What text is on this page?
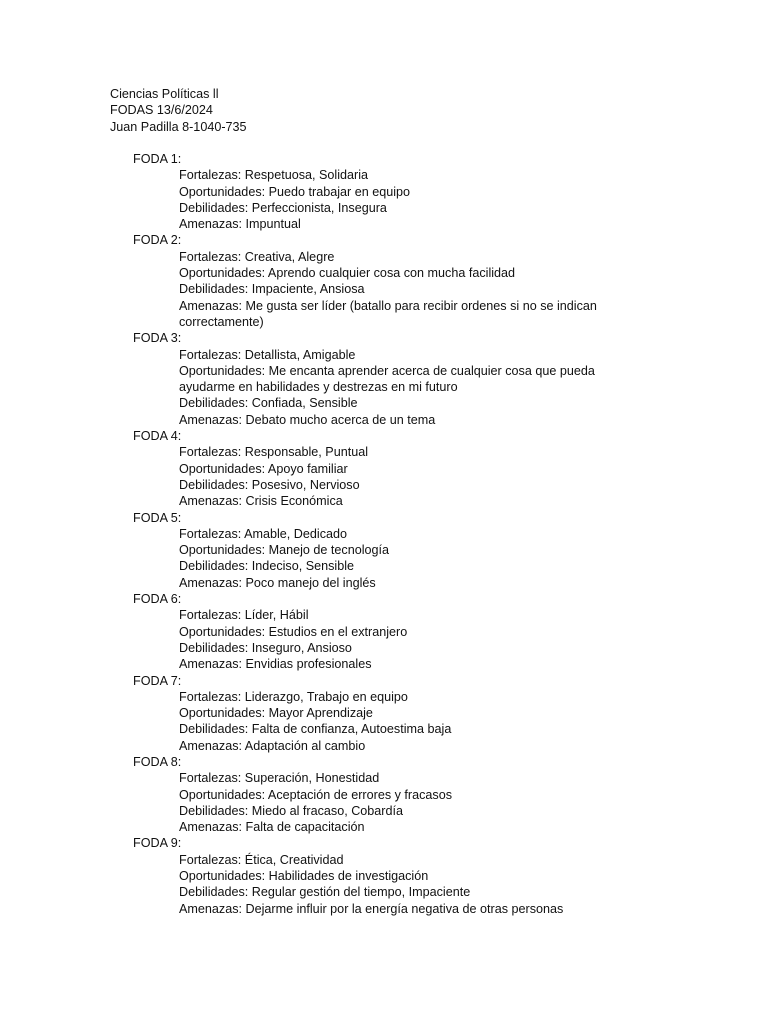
Ciencias Políticas ll
FODAS 13/6/2024
Juan Padilla 8-1040-735
FODA 1:
Fortalezas: Respetuosa, Solidaria
Oportunidades: Puedo trabajar en equipo
Debilidades: Perfeccionista, Insegura
Amenazas: Impuntual
FODA 2:
Fortalezas: Creativa, Alegre
Oportunidades: Aprendo cualquier cosa con mucha facilidad
Debilidades: Impaciente, Ansiosa
Amenazas: Me gusta ser líder (batallo para recibir ordenes si no se indican correctamente)
FODA 3:
Fortalezas: Detallista, Amigable
Oportunidades: Me encanta aprender acerca de cualquier cosa que pueda ayudarme en habilidades y destrezas en mi futuro
Debilidades: Confiada, Sensible
Amenazas: Debato mucho acerca de un tema
FODA 4:
Fortalezas: Responsable, Puntual
Oportunidades: Apoyo familiar
Debilidades: Posesivo, Nervioso
Amenazas: Crisis Económica
FODA 5:
Fortalezas: Amable, Dedicado
Oportunidades: Manejo de tecnología
Debilidades: Indeciso, Sensible
Amenazas: Poco manejo del inglés
FODA 6:
Fortalezas: Líder, Hábil
Oportunidades: Estudios en el extranjero
Debilidades: Inseguro, Ansioso
Amenazas: Envidias profesionales
FODA 7:
Fortalezas: Liderazgo, Trabajo en equipo
Oportunidades: Mayor Aprendizaje
Debilidades: Falta de confianza, Autoestima baja
Amenazas: Adaptación al cambio
FODA 8:
Fortalezas: Superación, Honestidad
Oportunidades: Aceptación de errores y fracasos
Debilidades: Miedo al fracaso, Cobardía
Amenazas: Falta de capacitación
FODA 9:
Fortalezas: Ética, Creatividad
Oportunidades: Habilidades de investigación
Debilidades: Regular gestión del tiempo, Impaciente
Amenazas: Dejarme influir por la energía negativa de otras personas
